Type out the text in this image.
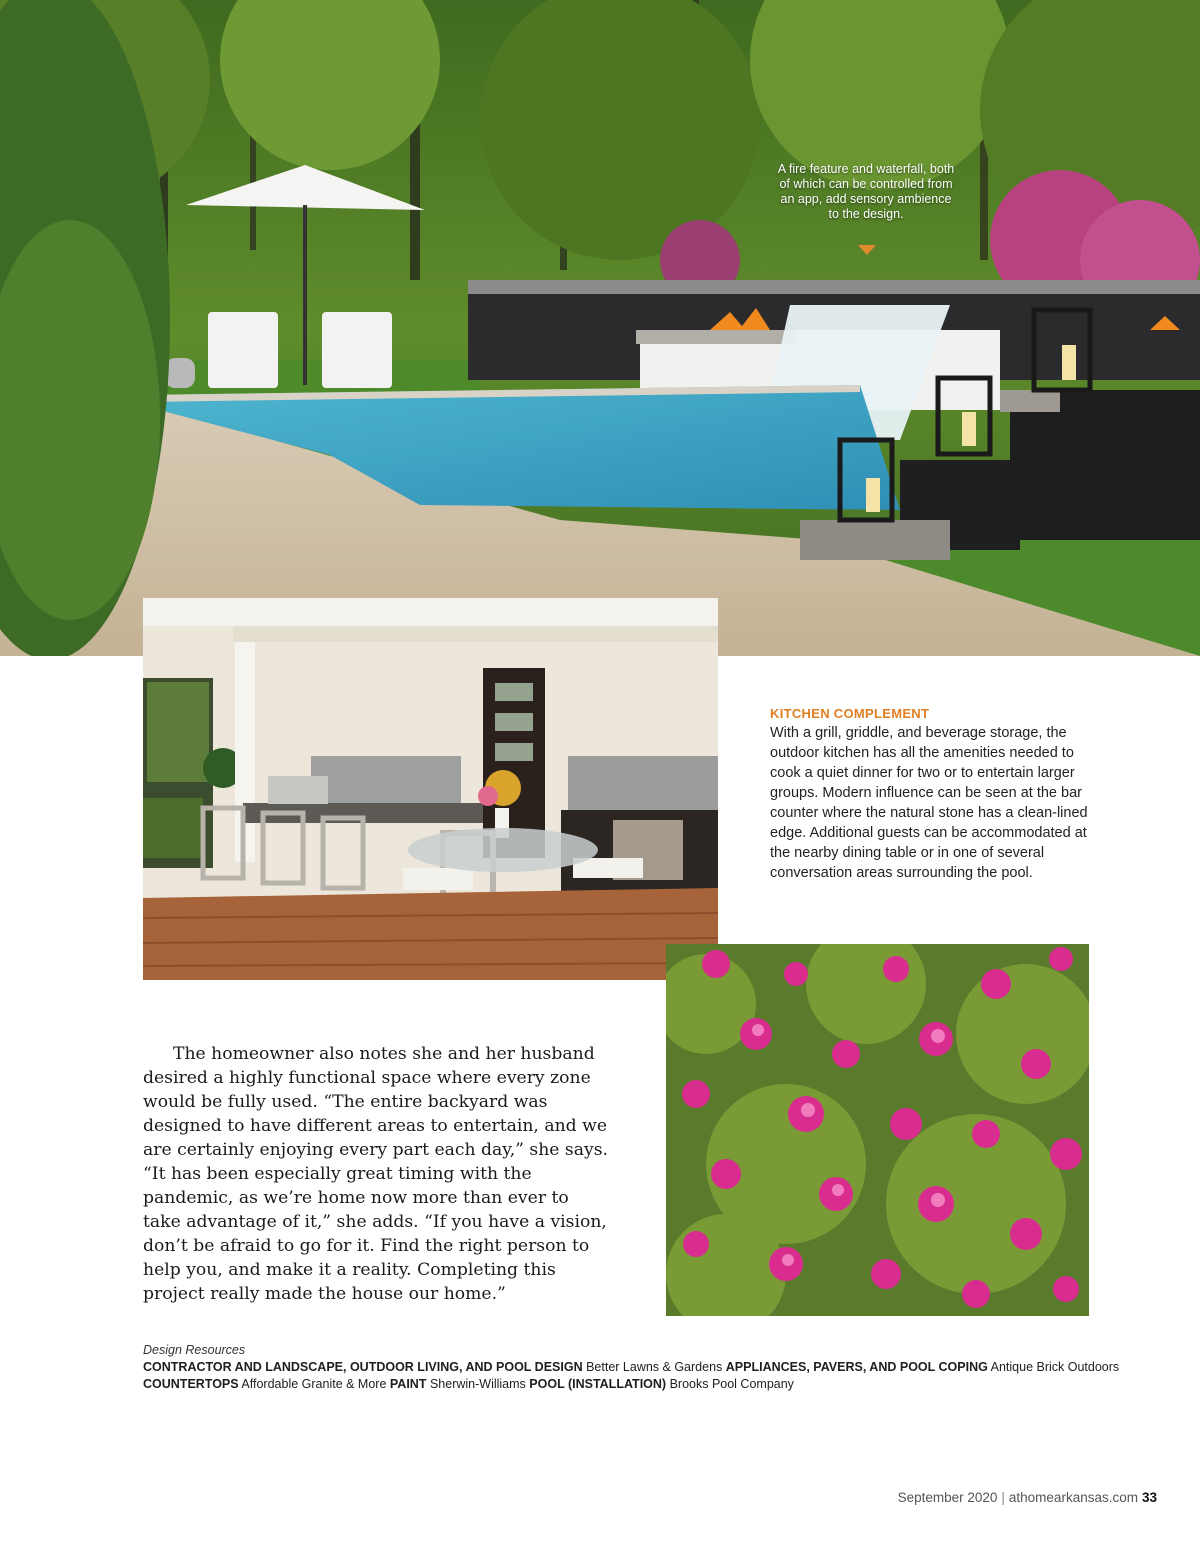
A fire feature and waterfall, both of which can be controlled from an app, add sensory ambience to the design.

KITCHEN COMPLEMENT

With a grill, griddle, and beverage storage, the outdoor kitchen has all the amenities needed to cook a quiet dinner for two or to entertain larger groups. Modern influence can be seen at the bar counter where the natural stone has a clean-lined edge. Additional guests can be accommodated at the nearby dining table or in one of several conversation areas surrounding the pool.

The homeowner also notes she and her husband desired a highly functional space where every zone would be fully used. “The entire backyard was designed to have different areas to entertain, and we are certainly enjoying every part each day,” she says. “It has been especially great timing with the pandemic, as we’re home now more than ever to take advantage of it,” she adds. “If you have a vision, don’t be afraid to go for it. Find the right person to help you, and make it a reality. Completing this project really made the house our home.”

Design Resources

CONTRACTOR AND LANDSCAPE, OUTDOOR LIVING, AND POOL DESIGN Better Lawns & Gardens APPLIANCES, PAVERS, AND POOL COPING Antique Brick Outdoors

COUNTERTOPS Affordable Granite & More PAINT Sherwin-Williams POOL (INSTALLATION) Brooks Pool Company

September 2020 | athomearkansas.com 33
